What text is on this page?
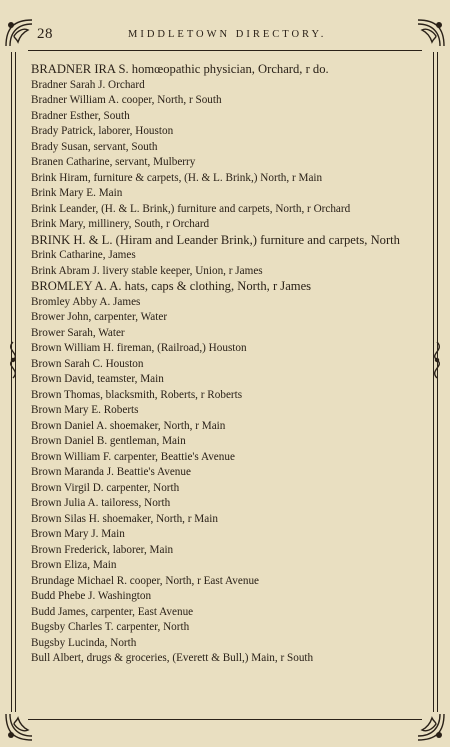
28	MIDDLETOWN DIRECTORY.
BRADNER IRA S. homœopathic physician, Orchard, r do.
Bradner Sarah J. Orchard
Bradner William A. cooper, North, r South
Bradner Esther, South
Brady Patrick, laborer, Houston
Brady Susan, servant, South
Branen Catharine, servant, Mulberry
Brink Hiram, furniture & carpets, (H. & L. Brink,) North, r Main
Brink Mary E. Main
Brink Leander, (H. & L. Brink,) furniture and carpets, North, r Orchard
Brink Mary, millinery, South, r Orchard
BRINK H. & L. (Hiram and Leander Brink,) furniture and carpets, North
Brink Catharine, James
Brink Abram J. livery stable keeper, Union, r James
BROMLEY A. A. hats, caps & clothing, North, r James
Bromley Abby A. James
Brower John, carpenter, Water
Brower Sarah, Water
Brown William H. fireman, (Railroad,) Houston
Brown Sarah C. Houston
Brown David, teamster, Main
Brown Thomas, blacksmith, Roberts, r Roberts
Brown Mary E. Roberts
Brown Daniel A. shoemaker, North, r Main
Brown Daniel B. gentleman, Main
Brown William F. carpenter, Beattie's Avenue
Brown Maranda J. Beattie's Avenue
Brown Virgil D. carpenter, North
Brown Julia A. tailoress, North
Brown Silas H. shoemaker, North, r Main
Brown Mary J. Main
Brown Frederick, laborer, Main
Brown Eliza, Main
Brundage Michael R. cooper, North, r East Avenue
Budd Phebe J. Washington
Budd James, carpenter, East Avenue
Bugsby Charles T. carpenter, North
Bugsby Lucinda, North
Bull Albert, drugs & groceries, (Everett & Bull,) Main, r South
